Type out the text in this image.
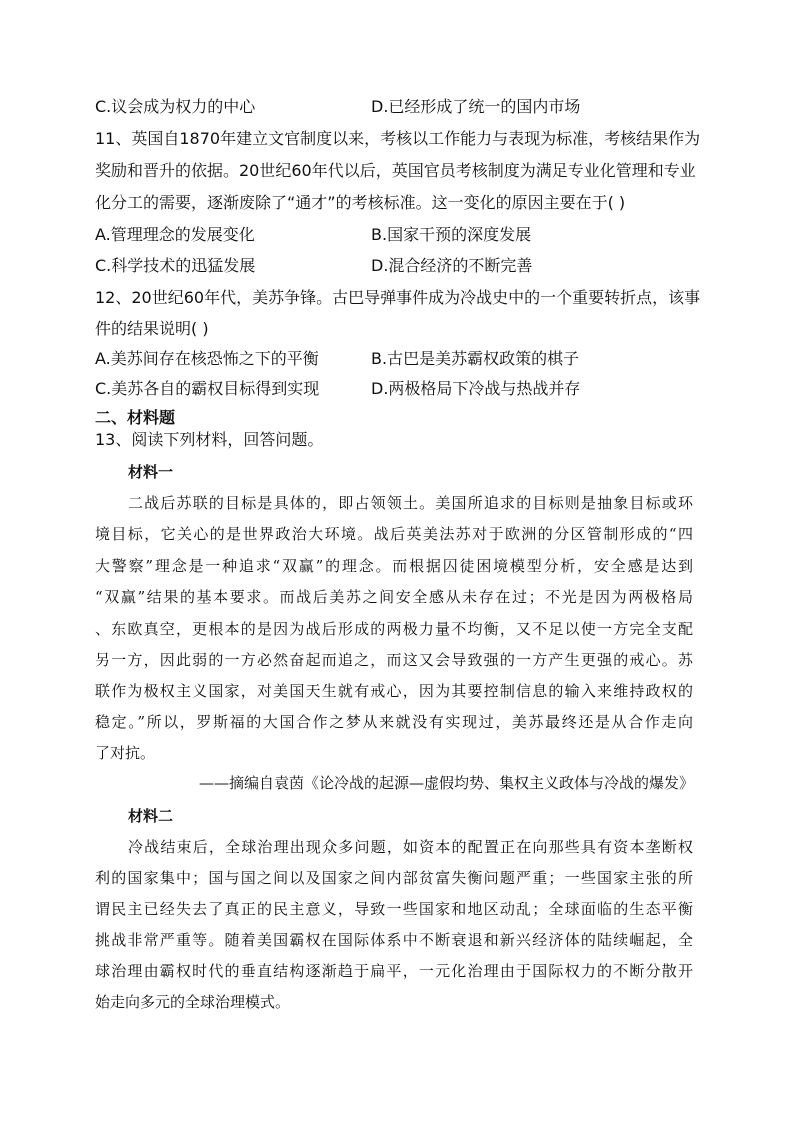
C.议会成为权力的中心	D.已经形成了统一的国内市场
11、英国自1870年建立文官制度以来，考核以工作能力与表现为标准，考核结果作为
奖励和晋升的依据。20世纪60年代以后，英国官员考核制度为满足专业化管理和专业
化分工的需要，逐渐废除了“通才”的考核标准。这一变化的原因主要在于( )
A.管理理念的发展变化	B.国家干预的深度发展
C.科学技术的迅猛发展	D.混合经济的不断完善
12、20世纪60年代，美苏争锋。古巴导弹事件成为冷战史中的一个重要转折点，该事
件的结果说明( )
A.美苏间存在核恐怖之下的平衡	B.古巴是美苏霸权政策的棋子
C.美苏各自的霸权目标得到实现	D.两极格局下冷战与热战并存
二、材料题
13、阅读下列材料，回答问题。
材料一
二战后苏联的目标是具体的，即占领领土。美国所追求的目标则是抽象目标或环
境目标，它关心的是世界政治大环境。战后英美法苏对于欧洲的分区管制形成的“四
大警察”理念是一种追求“双赢”的理念。而根据囚徒困境模型分析，安全感是达到
“双赢”结果的基本要求。而战后美苏之间安全感从未存在过；不光是因为两极格局
、东欧真空，更根本的是因为战后形成的两极力量不均衡，又不足以使一方完全支配
另一方，因此弱的一方必然奋起而追之，而这又会导致强的一方产生更强的戒心。苏
联作为极权主义国家，对美国天生就有戒心，因为其要控制信息的输入来维持政权的
稳定。”所以，罗斯福的大国合作之梦从来就没有实现过，美苏最终还是从合作走向
了对抗。
——摘编自袁茵《论冷战的起源—虚假均势、集权主义政体与冷战的爆发》
材料二
冷战结束后，全球治理出现众多问题，如资本的配置正在向那些具有资本垄断权
利的国家集中；国与国之间以及国家之间内部贫富失衡问题严重；一些国家主张的所
谓民主已经失去了真正的民主意义，导致一些国家和地区动乱；全球面临的生态平衡
挑战非常严重等。随着美国霸权在国际体系中不断衰退和新兴经济体的陆续崛起，全
球治理由霸权时代的垂直结构逐渐趋于扁平，一元化治理由于国际权力的不断分散开
始走向多元的全球治理模式。
